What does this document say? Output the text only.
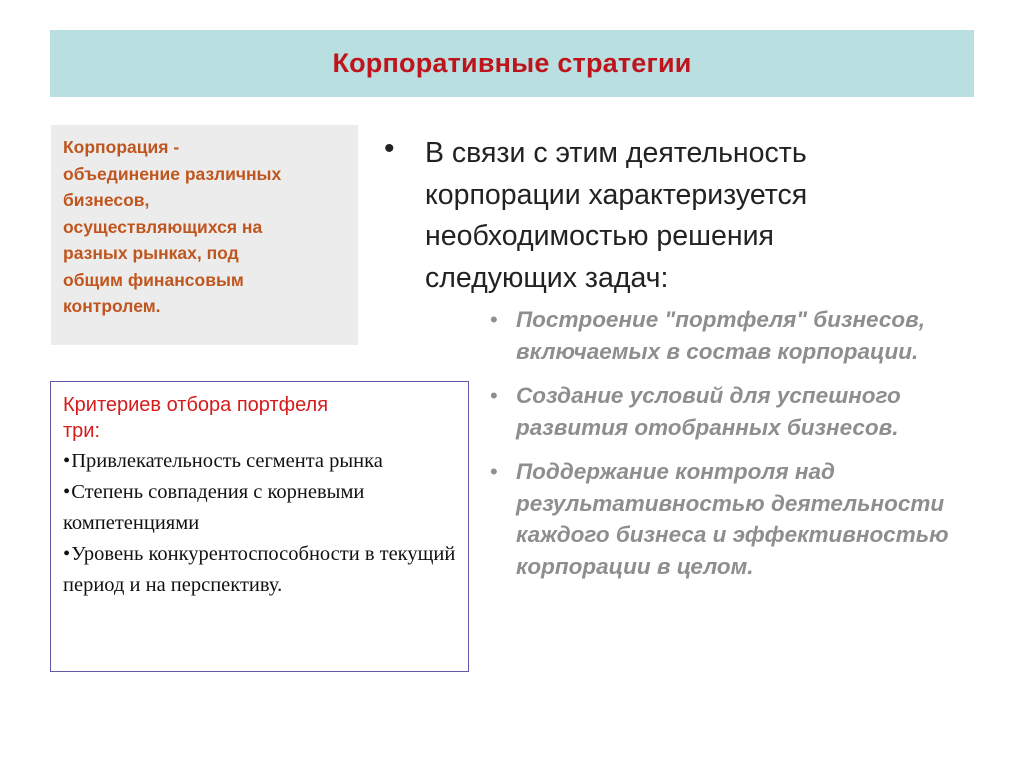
Корпоративные стратегии
Корпорация -
объединение различных
бизнесов,
осуществляющихся на
разных рынках, под
общим финансовым
контролем.
Критериев отбора портфеля
три:
•Привлекательность сегмента рынка
•Степень совпадения с корневыми компетенциями
•Уровень конкурентоспособности в текущий период и на перспективу.
• В связи с этим деятельность
корпорации характеризуется
необходимостью решения
следующих задач:
• Построение "портфеля" бизнесов, включаемых в состав корпорации.
• Создание условий для успешного развития отобранных бизнесов.
• Поддержание контроля над результативностью деятельности каждого бизнеса и эффективностью корпорации в целом.
